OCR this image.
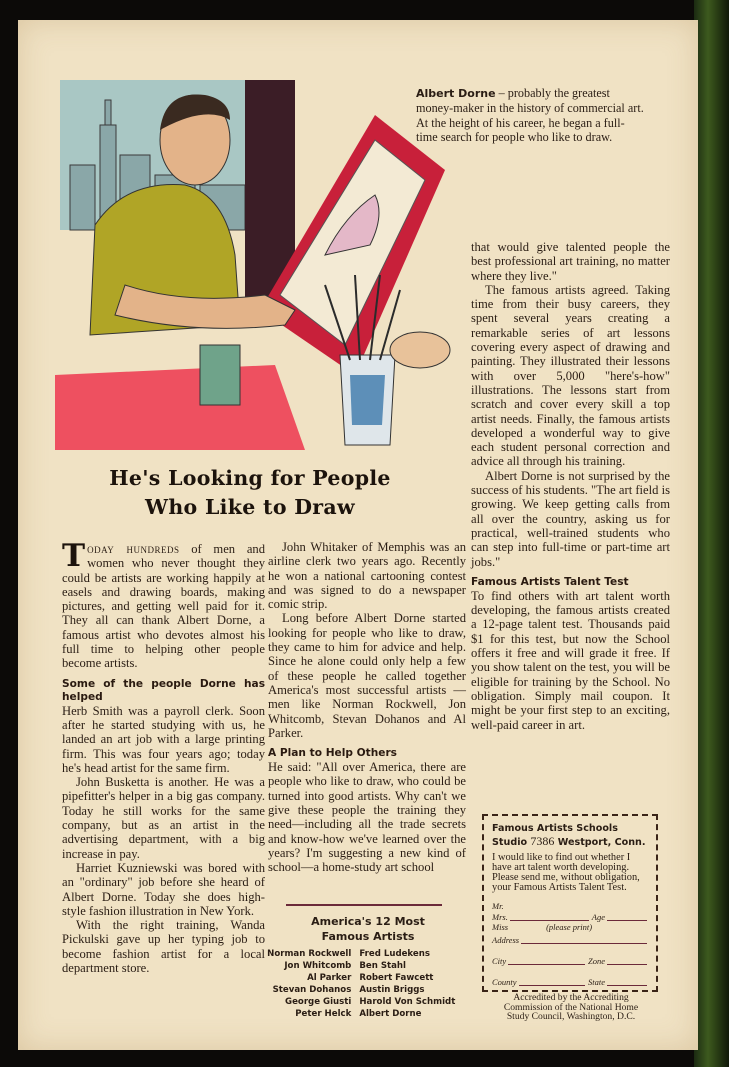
Albert Dorne – probably the greatest money-maker in the history of commercial art. At the height of his career, he began a full-time search for people who like to draw.
He's Looking for People
Who Like to Draw

Today hundreds of men and women who never thought they could be artists are working happily at easels and drawing boards, making pictures, and getting well paid for it. They all can thank Albert Dorne, a famous artist who devotes almost his full time to helping other people become artists.

Some of the people Dorne has helped

Herb Smith was a payroll clerk. Soon after he started studying with us, he landed an art job with a large printing firm. This was four years ago; today he's head artist for the same firm.

John Busketta is another. He was a pipefitter's helper in a big gas company. Today he still works for the same company, but as an artist in the advertising department, with a big increase in pay.

Harriet Kuzniewski was bored with an "ordinary" job before she heard of Albert Dorne. Today she does high-style fashion illustration in New York.

With the right training, Wanda Pickulski gave up her typing job to become fashion artist for a local department store.

John Whitaker of Memphis was an airline clerk two years ago. Recently he won a national cartooning contest and was signed to do a newspaper comic strip.

Long before Albert Dorne started looking for people who like to draw, they came to him for advice and help. Since he alone could only help a few of these people he called together America's most successful artists —men like Norman Rockwell, Jon Whitcomb, Stevan Dohanos and Al Parker.

A Plan to Help Others

He said: "All over America, there are people who like to draw, who could be turned into good artists. Why can't we give these people the training they need—including all the trade secrets and know-how we've learned over the years? I'm suggesting a new kind of school—a home-study art school

America's 12 Most
Famous Artists
Norman Rockwell
Jon Whitcomb
Al Parker
Stevan Dohanos
George Giusti
Peter Helck
Fred Ludekens
Ben Stahl
Robert Fawcett
Austin Briggs
Harold Von Schmidt
Albert Dorne

that would give talented people the best professional art training, no matter where they live."

The famous artists agreed. Taking time from their busy careers, they spent several years creating a remarkable series of art lessons covering every aspect of drawing and painting. They illustrated their lessons with over 5,000 "here's-how" illustrations. The lessons start from scratch and cover every skill a top artist needs. Finally, the famous artists developed a wonderful way to give each student personal correction and advice all through his training.

Albert Dorne is not surprised by the success of his students. "The art field is growing. We keep getting calls from all over the country, asking us for practical, well-trained students who can step into full-time or part-time art jobs."

Famous Artists Talent Test

To find others with art talent worth developing, the famous artists created a 12-page talent test. Thousands paid $1 for this test, but now the School offers it free and will grade it free. If you show talent on the test, you will be eligible for training by the School. No obligation. Simply mail coupon. It might be your first step to an exciting, well-paid career in art.

Famous Artists Schools
Studio 7386 Westport, Conn.
I would like to find out whether I have art talent worth developing. Please send me, without obligation, your Famous Artists Talent Test.
Mr.
Mrs.	Age
Miss	(please print)
Address
City	Zone
County	State
Accredited by the Accrediting Commission of the National Home Study Council, Washington, D.C.
